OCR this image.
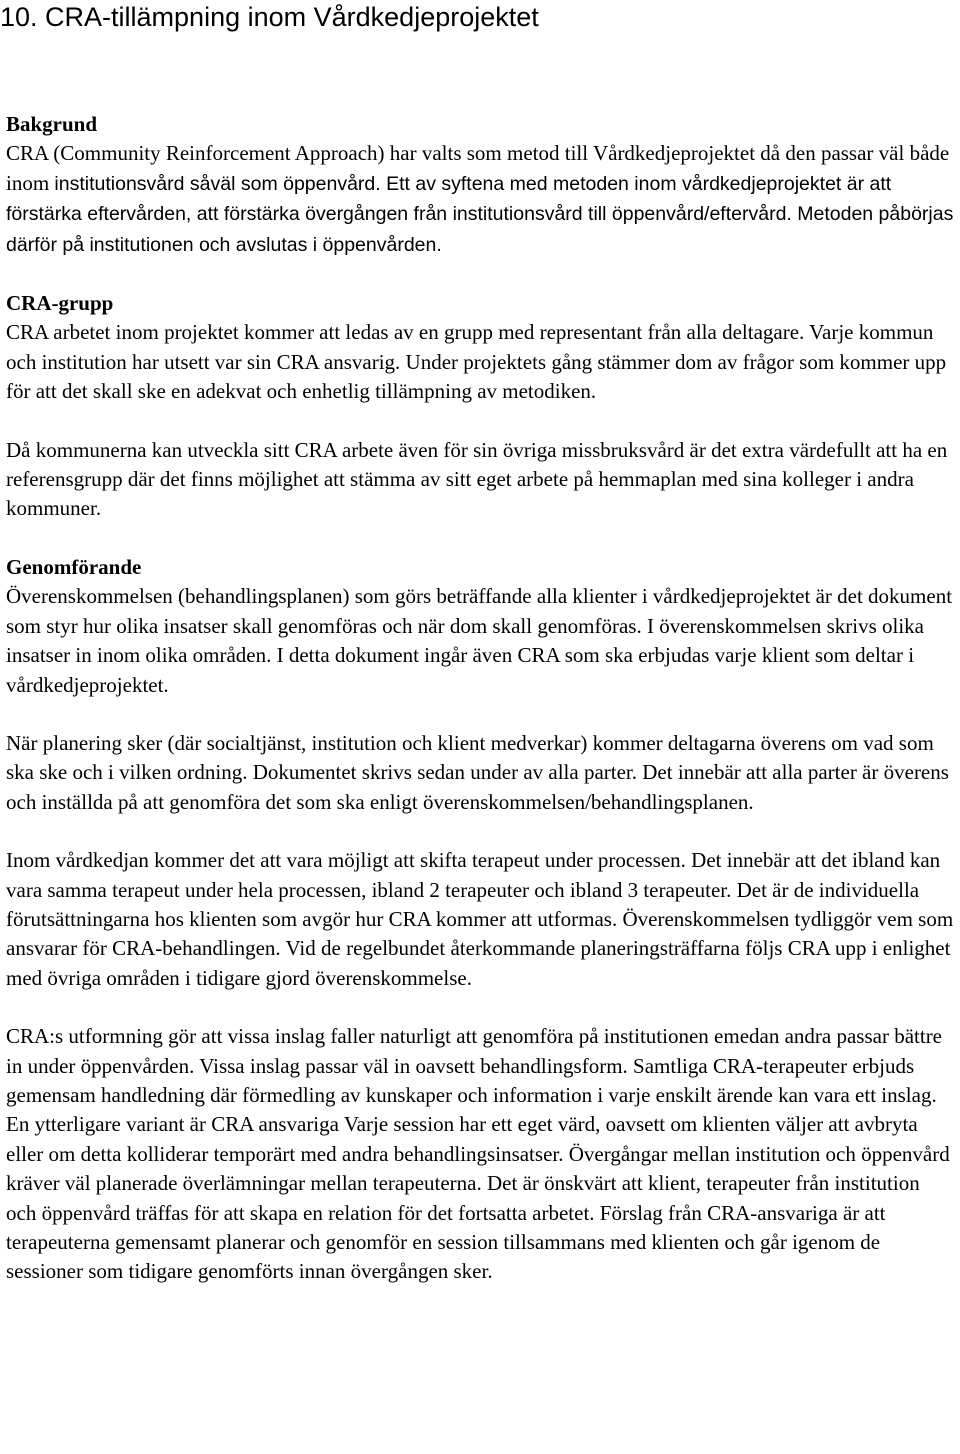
10. CRA-tillämpning inom Vårdkedjeprojektet
Bakgrund

CRA (Community Reinforcement Approach) har valts som metod till Vårdkedjeprojektet då den passar väl både inom institutionsvård såväl som öppenvård. Ett av syftena med metoden inom vårdkedjeprojektet är att förstärka eftervården, att förstärka övergången från institutionsvård till öppenvård/eftervård. Metoden påbörjas därför på institutionen och avslutas i öppenvården.

CRA-grupp

CRA arbetet inom projektet kommer att ledas av en grupp med representant från alla deltagare. Varje kommun och institution har utsett var sin CRA ansvarig. Under projektets gång stämmer dom av frågor som kommer upp för att det skall ske en adekvat och enhetlig tillämpning av metodiken.

Då kommunerna kan utveckla sitt CRA arbete även för sin övriga missbruksvård är det extra värdefullt att ha en referensgrupp där det finns möjlighet att stämma av sitt eget arbete på hemmaplan med sina kolleger i andra kommuner.

Genomförande

Överenskommelsen (behandlingsplanen) som görs beträffande alla klienter i vårdkedjeprojektet är det dokument som styr hur olika insatser skall genomföras och när dom skall genomföras. I överenskommelsen skrivs olika insatser in inom olika områden. I detta dokument ingår även CRA som ska erbjudas varje klient som deltar i vårdkedjeprojektet.

När planering sker (där socialtjänst, institution och klient medverkar) kommer deltagarna överens om vad som ska ske och i vilken ordning. Dokumentet skrivs sedan under av alla parter. Det innebär att alla parter är överens och inställda på att genomföra det som ska enligt överenskommelsen/behandlingsplanen.

Inom vårdkedjan kommer det att vara möjligt att skifta terapeut under processen. Det innebär att det ibland kan vara samma terapeut under hela processen, ibland 2 terapeuter och ibland 3 terapeuter. Det är de individuella förutsättningarna hos klienten som avgör hur CRA kommer att utformas. Överenskommelsen tydliggör vem som ansvarar för CRA-behandlingen. Vid de regelbundet återkommande planeringsträffarna följs CRA upp i enlighet med övriga områden i tidigare gjord överenskommelse.

CRA:s utformning gör att vissa inslag faller naturligt att genomföra på institutionen emedan andra passar bättre in under öppenvården. Vissa inslag passar väl in oavsett behandlingsform. Samtliga CRA-terapeuter erbjuds gemensam handledning där förmedling av kunskaper och information i varje enskilt ärende kan vara ett inslag. En ytterligare variant är CRA ansvariga Varje session har ett eget värd, oavsett om klienten väljer att avbryta eller om detta kolliderar temporärt med andra behandlingsinsatser. Övergångar mellan institution och öppenvård kräver väl planerade överlämningar mellan terapeuterna. Det är önskvärt att klient, terapeuter från institution och öppenvård träffas för att skapa en relation för det fortsatta arbetet. Förslag från CRA-ansvariga är att terapeuterna gemensamt planerar och genomför en session tillsammans med klienten och går igenom de sessioner som tidigare genomförts innan övergången sker.
